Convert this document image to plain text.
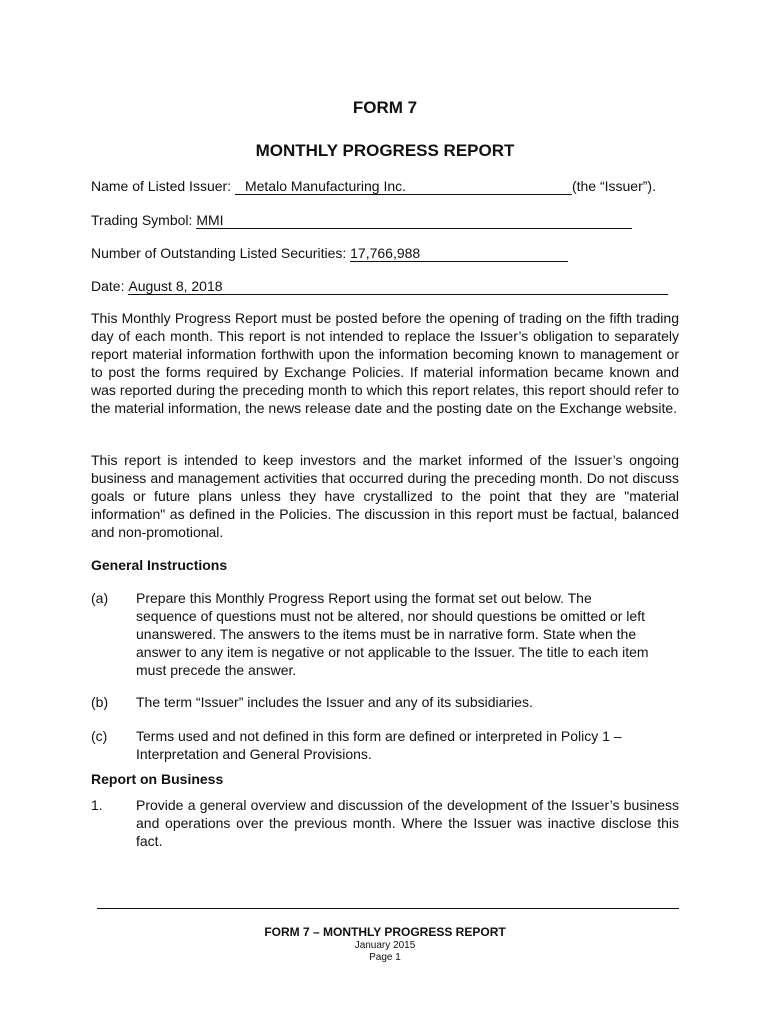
FORM 7
MONTHLY PROGRESS REPORT
Name of Listed Issuer: Metalo Manufacturing Inc.	(the “Issuer”).
Trading Symbol: MMI
Number of Outstanding Listed Securities: 17,766,988
Date: August 8, 2018

This Monthly Progress Report must be posted before the opening of trading on the fifth trading day of each month. This report is not intended to replace the Issuer’s obligation to separately report material information forthwith upon the information becoming known to management or to post the forms required by Exchange Policies. If material information became known and was reported during the preceding month to which this report relates, this report should refer to the material information, the news release date and the posting date on the Exchange website.

This report is intended to keep investors and the market informed of the Issuer’s ongoing business and management activities that occurred during the preceding month. Do not discuss goals or future plans unless they have crystallized to the point that they are "material information" as defined in the Policies. The discussion in this report must be factual, balanced and non-promotional.

General Instructions
(a) Prepare this Monthly Progress Report using the format set out below. The sequence of questions must not be altered, nor should questions be omitted or left unanswered. The answers to the items must be in narrative form. State when the answer to any item is negative or not applicable to the Issuer. The title to each item must precede the answer.
(b) The term “Issuer” includes the Issuer and any of its subsidiaries.
(c) Terms used and not defined in this form are defined or interpreted in Policy 1 – Interpretation and General Provisions.
Report on Business
1. Provide a general overview and discussion of the development of the Issuer’s business and operations over the previous month. Where the Issuer was inactive disclose this fact.
FORM 7 – MONTHLY PROGRESS REPORT
January 2015
Page 1
